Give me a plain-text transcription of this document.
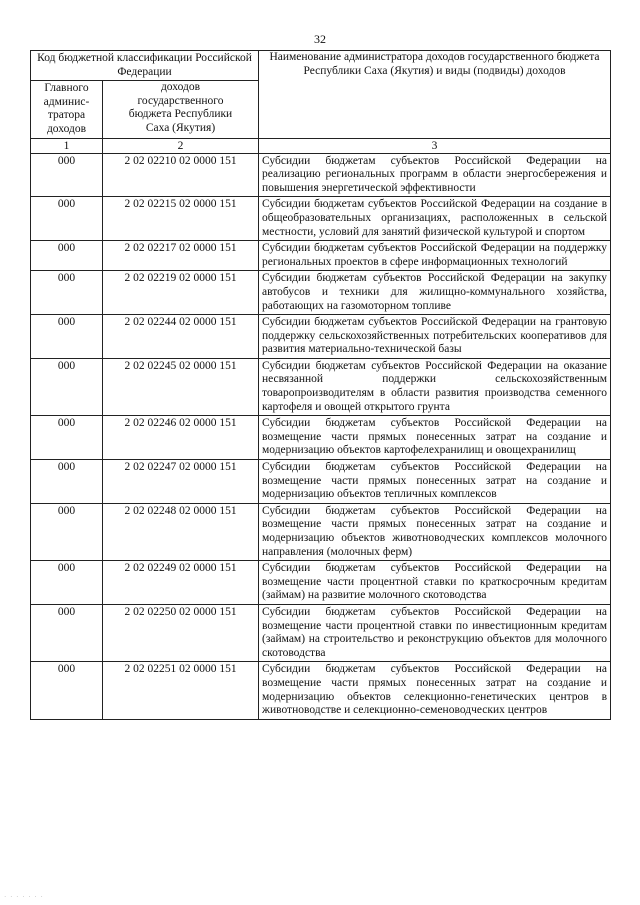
32
Код бюджетной классификации Российской Федерации		Наименование администратора доходов государственного бюджета Республики Саха (Якутия) и виды (подвиды) доходов
Главного админис-тратора доходов	доходов государственного бюджета Республики Саха (Якутия)	
1	2	3
000	2 02 02210 02 0000 151	Субсидии бюджетам субъектов Российской Федерации на реализацию региональных программ в области энергосбережения и повышения энергетической эффективности
000	2 02 02215 02 0000 151	Субсидии бюджетам субъектов Российской Федерации на создание в общеобразовательных организациях, расположенных в сельской местности, условий для занятий физической культурой и спортом
000	2 02 02217 02 0000 151	Субсидии бюджетам субъектов Российской Федерации на поддержку региональных проектов в сфере информационных технологий
000	2 02 02219 02 0000 151	Субсидии бюджетам субъектов Российской Федерации на закупку автобусов и техники для жилищно-коммунального хозяйства, работающих на газомоторном топливе
000	2 02 02244 02 0000 151	Субсидии бюджетам субъектов Российской Федерации на грантовую поддержку сельскохозяйственных потребительских кооперативов для развития материально-технической базы
000	2 02 02245 02 0000 151	Субсидии бюджетам субъектов Российской Федерации на оказание несвязанной поддержки сельскохозяйственным товаропроизводителям в области развития производства семенного картофеля и овощей открытого грунта
000	2 02 02246 02 0000 151	Субсидии бюджетам субъектов Российской Федерации на возмещение части прямых понесенных затрат на создание и модернизацию объектов картофелехранилищ и овощехранилищ
000	2 02 02247 02 0000 151	Субсидии бюджетам субъектов Российской Федерации на возмещение части прямых понесенных затрат на создание и модернизацию объектов тепличных комплексов
000	2 02 02248 02 0000 151	Субсидии бюджетам субъектов Российской Федерации на возмещение части прямых понесенных затрат на создание и модернизацию объектов животноводческих комплексов молочного направления (молочных ферм)
000	2 02 02249 02 0000 151	Субсидии бюджетам субъектов Российской Федерации на возмещение части процентной ставки по краткосрочным кредитам (займам) на развитие молочного скотоводства
000	2 02 02250 02 0000 151	Субсидии бюджетам субъектов Российской Федерации на возмещение части процентной ставки по инвестиционным кредитам (займам) на строительство и реконструкцию объектов для молочного скотоводства
000	2 02 02251 02 0000 151	Субсидии бюджетам субъектов Российской Федерации на возмещение части прямых понесенных затрат на создание и модернизацию объектов селекционно-генетических центров в животноводстве и селекционно-семеноводческих центров
· · · · · · ·
